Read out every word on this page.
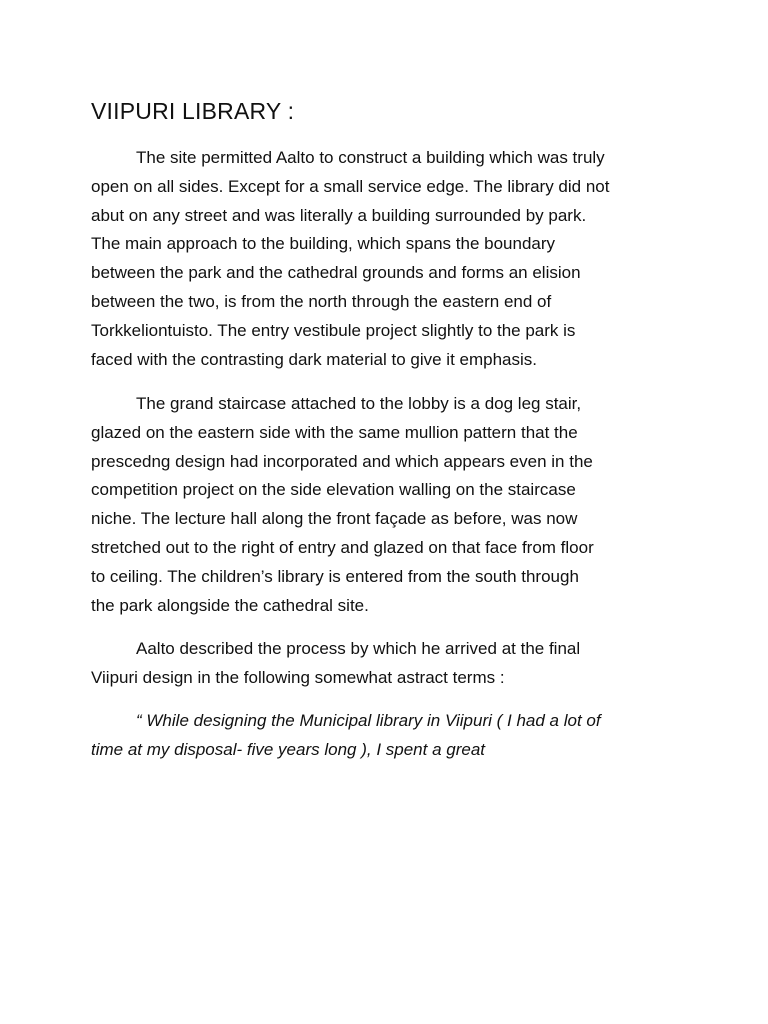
VIIPURI LIBRARY :

The site permitted Aalto to construct a building which was truly
open on all sides. Except for a small service edge. The library did not
abut on any street and was literally a building surrounded by park.
The main approach to the building, which spans the boundary
between the park and the cathedral grounds and forms an elision
between the two, is from the north through the eastern end of
Torkkeliontuisto. The entry vestibule project slightly to the park is
faced with the contrasting dark material to give it emphasis.

The grand staircase attached to the lobby is a dog leg stair,
glazed on the eastern side with the same mullion pattern that the
prescedng design had incorporated and which appears even in the
competition project on the side elevation walling on the staircase
niche. The lecture hall along the front façade as before, was now
stretched out to the right of entry and glazed on that face from floor
to ceiling. The children’s library is entered from the south through
the park alongside the cathedral site.

Aalto described the process by which he arrived at the final
Viipuri design in the following somewhat astract terms :

“ While designing the Municipal library in Viipuri ( I had a lot of
time at my disposal- five years long ), I spent a great
